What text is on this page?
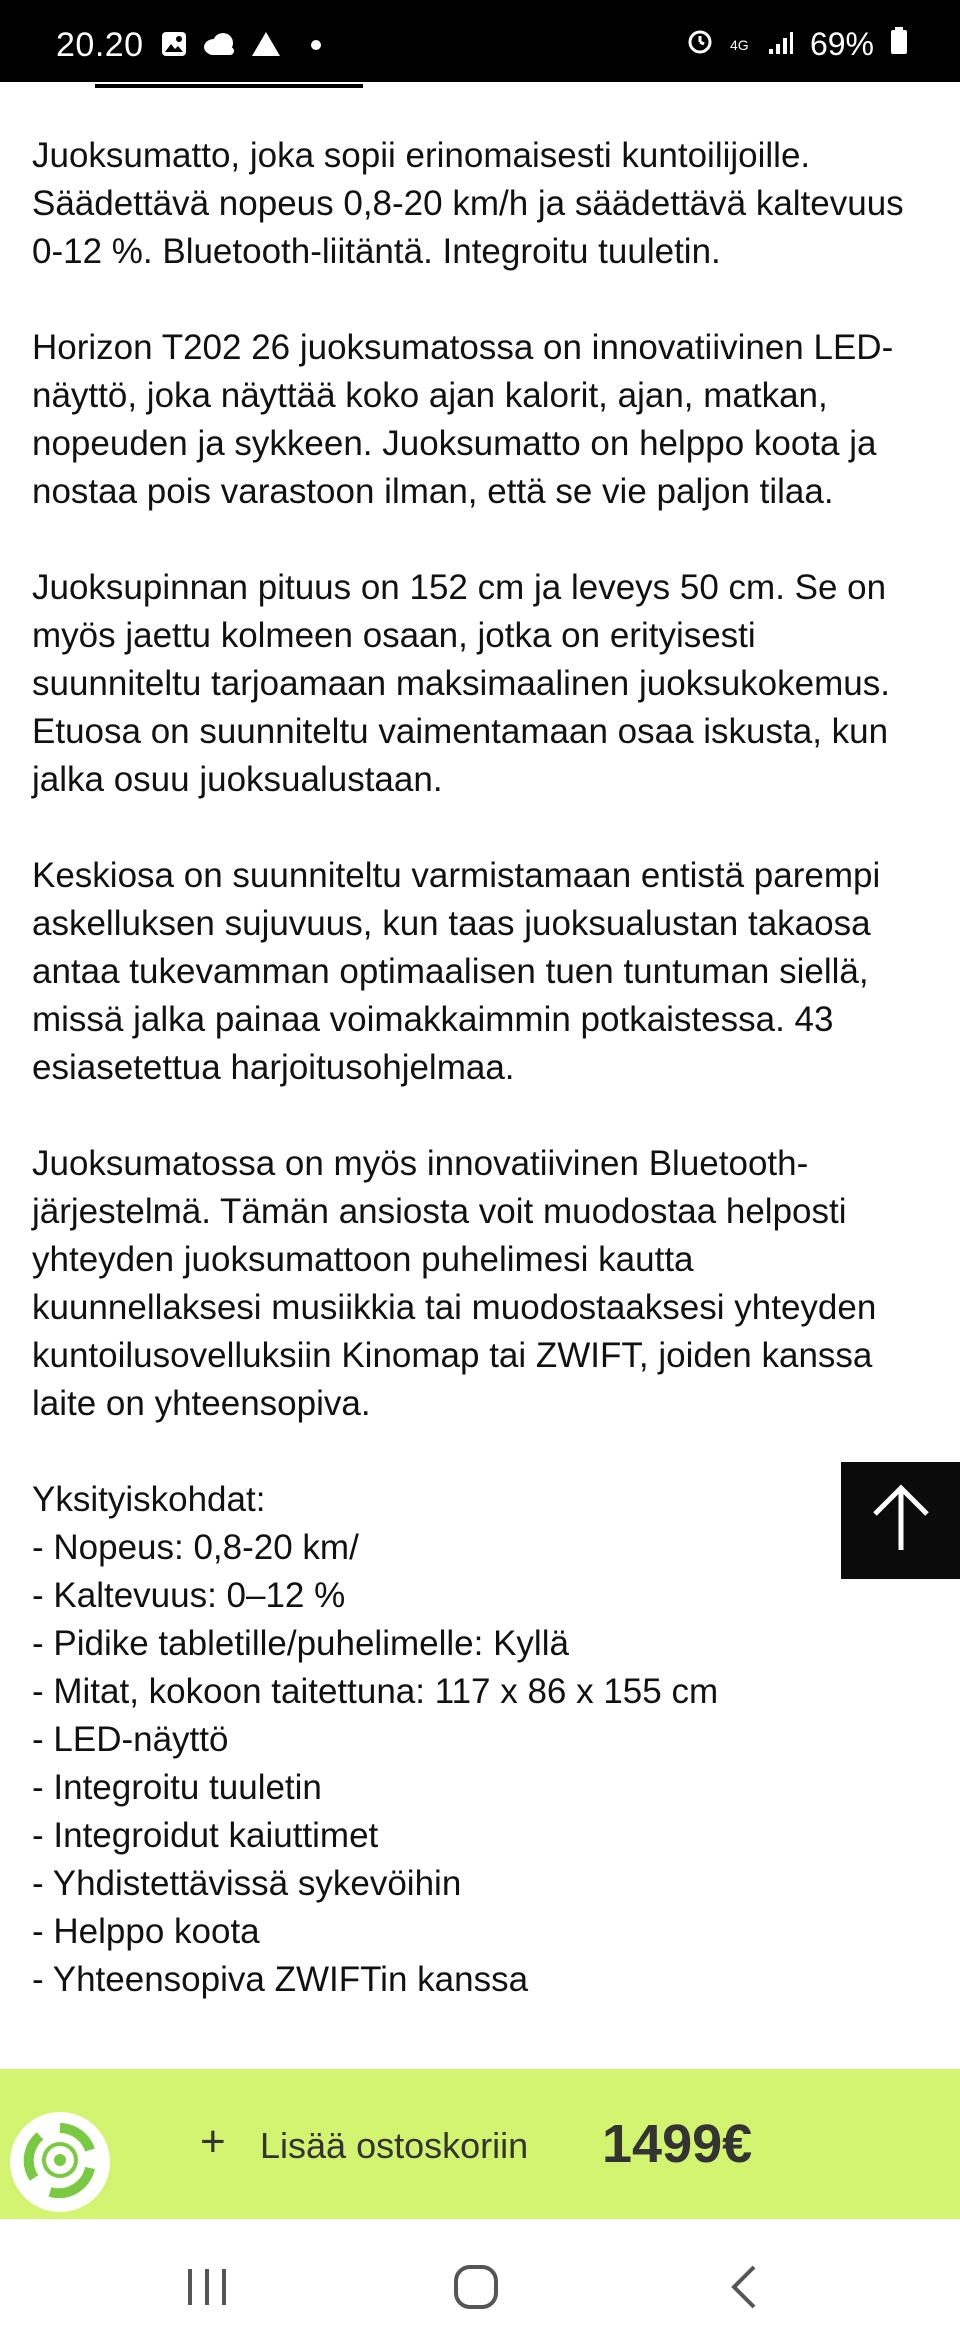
20.20	4G 69%

Juoksumatto, joka sopii erinomaisesti kuntoilijoille. Säädettävä nopeus 0,8-20 km/h ja säädettävä kaltevuus 0-12 %. Bluetooth-liitäntä. Integroitu tuuletin.

Horizon T202 26 juoksumatossa on innovatiivinen LED-näyttö, joka näyttää koko ajan kalorit, ajan, matkan, nopeuden ja sykkeen. Juoksumatto on helppo koota ja nostaa pois varastoon ilman, että se vie paljon tilaa.

Juoksupinnan pituus on 152 cm ja leveys 50 cm. Se on myös jaettu kolmeen osaan, jotka on erityisesti suunniteltu tarjoamaan maksimaalinen juoksukokemus. Etuosa on suunniteltu vaimentamaan osaa iskusta, kun jalka osuu juoksualustaan.

Keskiosa on suunniteltu varmistamaan entistä parempi askelluksen sujuvuus, kun taas juoksualustan takaosa antaa tukevamman optimaalisen tuen tuntuman siellä, missä jalka painaa voimakkaimmin potkaistessa. 43 esiasetettua harjoitusohjelmaa.

Juoksumatossa on myös innovatiivinen Bluetooth-järjestelmä. Tämän ansiosta voit muodostaa helposti yhteyden juoksumattoon puhelimesi kautta kuunnellaksesi musiikkia tai muodostaaksesi yhteyden kuntoilusovelluksiin Kinomap tai ZWIFT, joiden kanssa laite on yhteensopiva.

Yksityiskohdat:

- Nopeus: 0,8-20 km/
- Kaltevuus: 0–12 %
- Pidike tabletille/puhelimelle: Kyllä
- Mitat, kokoon taitettuna: 117 x 86 x 155 cm
- LED-näyttö
- Integroitu tuuletin
- Integroidut kaiuttimet
- Yhdistettävissä sykevöihin
- Helppo koota
- Yhteensopiva ZWIFTin kanssa
+ Lisää ostoskoriin 1499€
